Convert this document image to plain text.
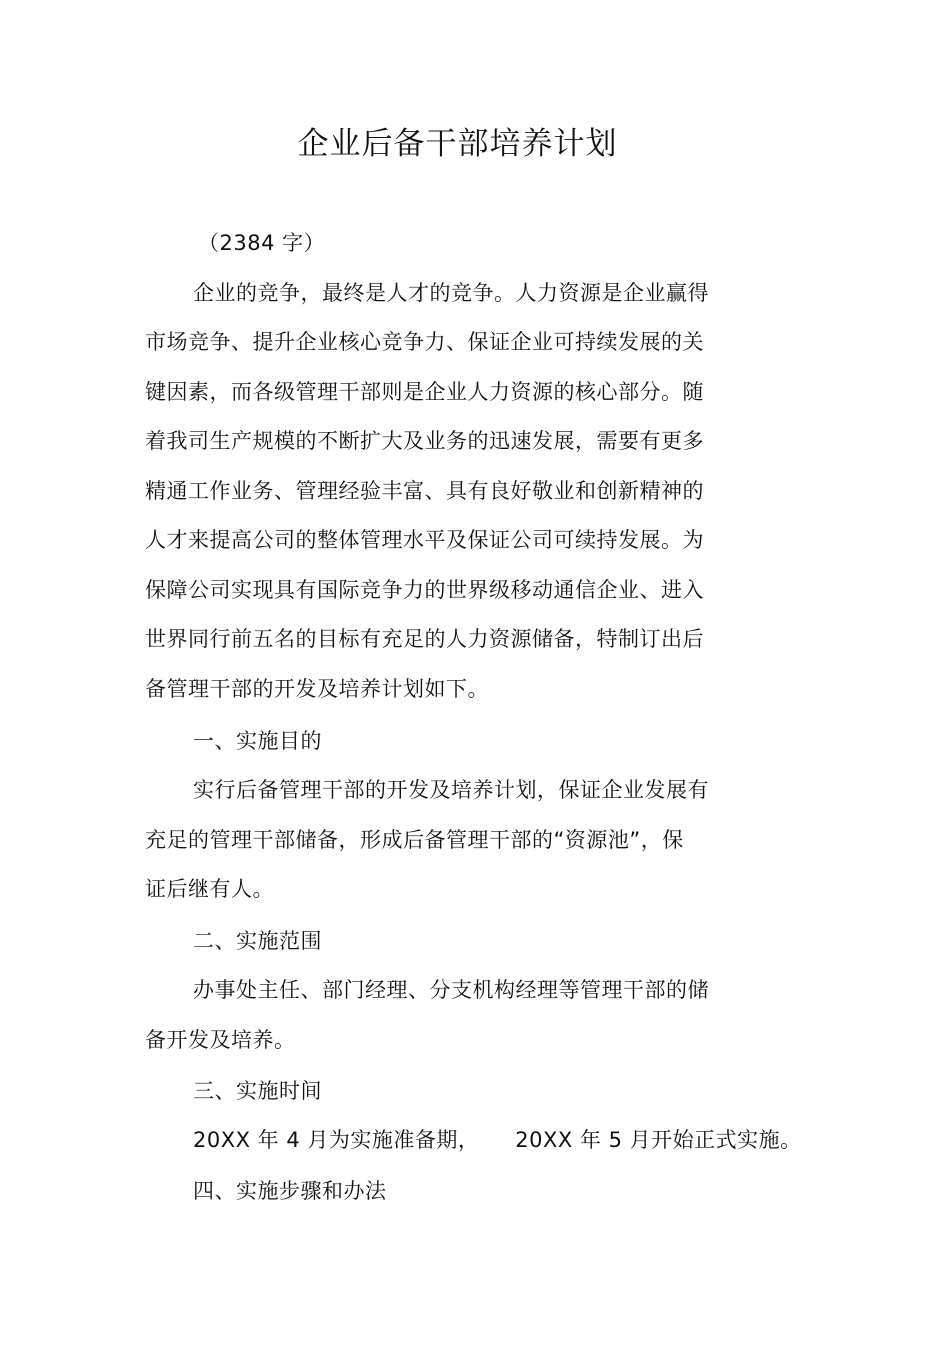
企业后备干部培养计划
（2384 字）
企业的竞争，最终是人才的竞争。人力资源是企业赢得
市场竞争、提升企业核心竞争力、保证企业可持续发展的关
键因素，而各级管理干部则是企业人力资源的核心部分。随
着我司生产规模的不断扩大及业务的迅速发展，需要有更多
精通工作业务、管理经验丰富、具有良好敬业和创新精神的
人才来提高公司的整体管理水平及保证公司可续持发展。为
保障公司实现具有国际竞争力的世界级移动通信企业、进入
世界同行前五名的目标有充足的人力资源储备，特制订出后
备管理干部的开发及培养计划如下。
一、实施目的
实行后备管理干部的开发及培养计划，保证企业发展有
充足的管理干部储备，形成后备管理干部的“资源池”，保
证后继有人。
二、实施范围
办事处主任、部门经理、分支机构经理等管理干部的储
备开发及培养。
三、实施时间
20XX 年 4 月为实施准备期，     20XX 年 5 月开始正式实施。
四、实施步骤和办法
